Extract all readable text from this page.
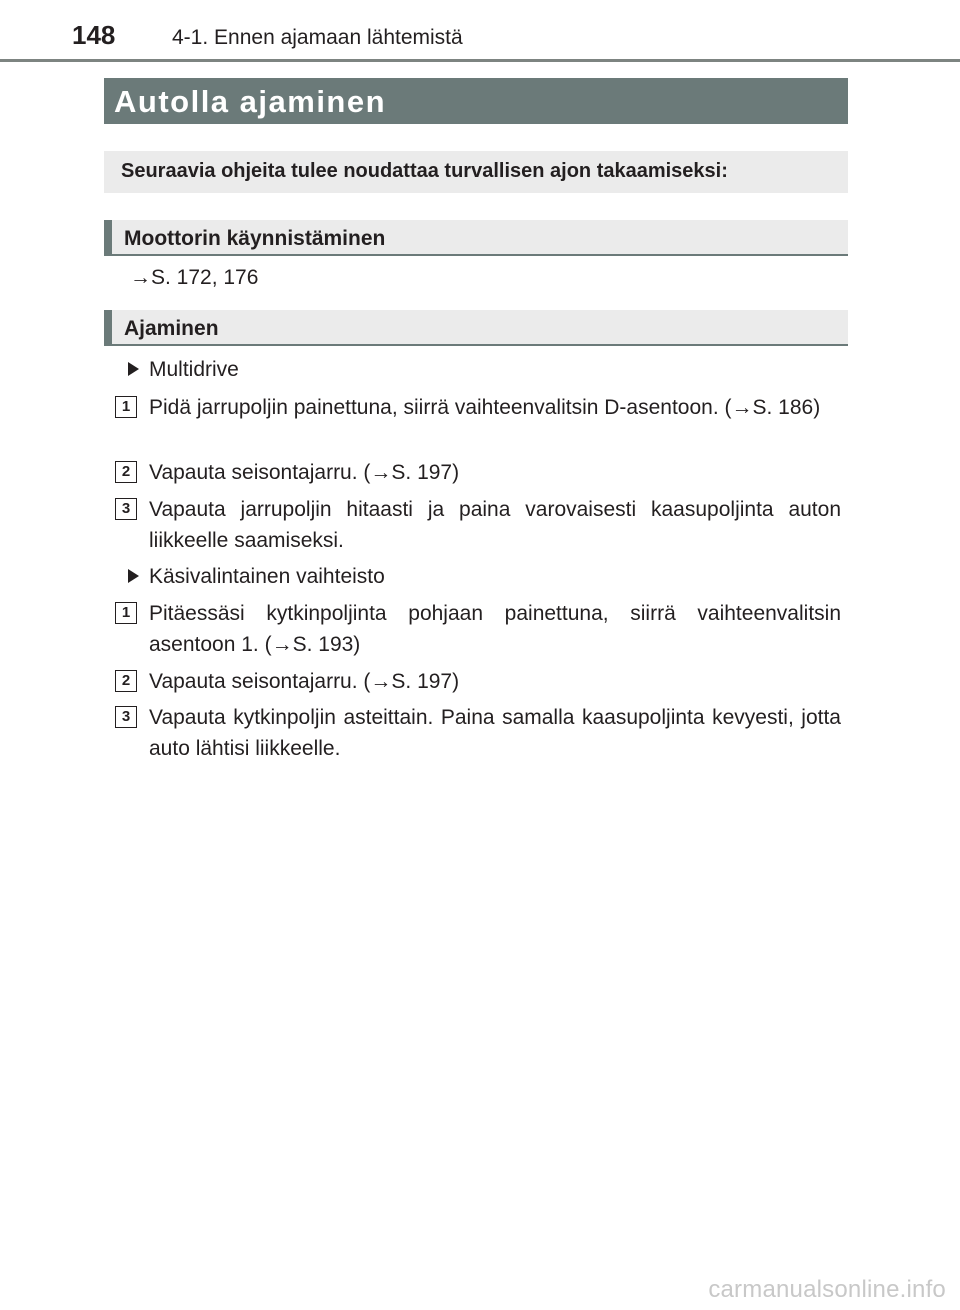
148	4-1. Ennen ajamaan lähtemistä
Autolla ajaminen
Seuraavia ohjeita tulee noudattaa turvallisen ajon takaamiseksi:
Moottorin käynnistäminen
→S. 172, 176
Ajaminen
Multidrive
1 Pidä jarrupoljin painettuna, siirrä vaihteenvalitsin D-asentoon. (→S. 186)
2 Vapauta seisontajarru. (→S. 197)
3 Vapauta jarrupoljin hitaasti ja paina varovaisesti kaasupoljinta auton liikkeelle saamiseksi.
Käsivalintainen vaihteisto
1 Pitäessäsi kytkinpoljinta pohjaan painettuna, siirrä vaihteenvalitsin asentoon 1. (→S. 193)
2 Vapauta seisontajarru. (→S. 197)
3 Vapauta kytkinpoljin asteittain. Paina samalla kaasupoljinta kevyesti, jotta auto lähtisi liikkeelle.
carmanualsonline.info
